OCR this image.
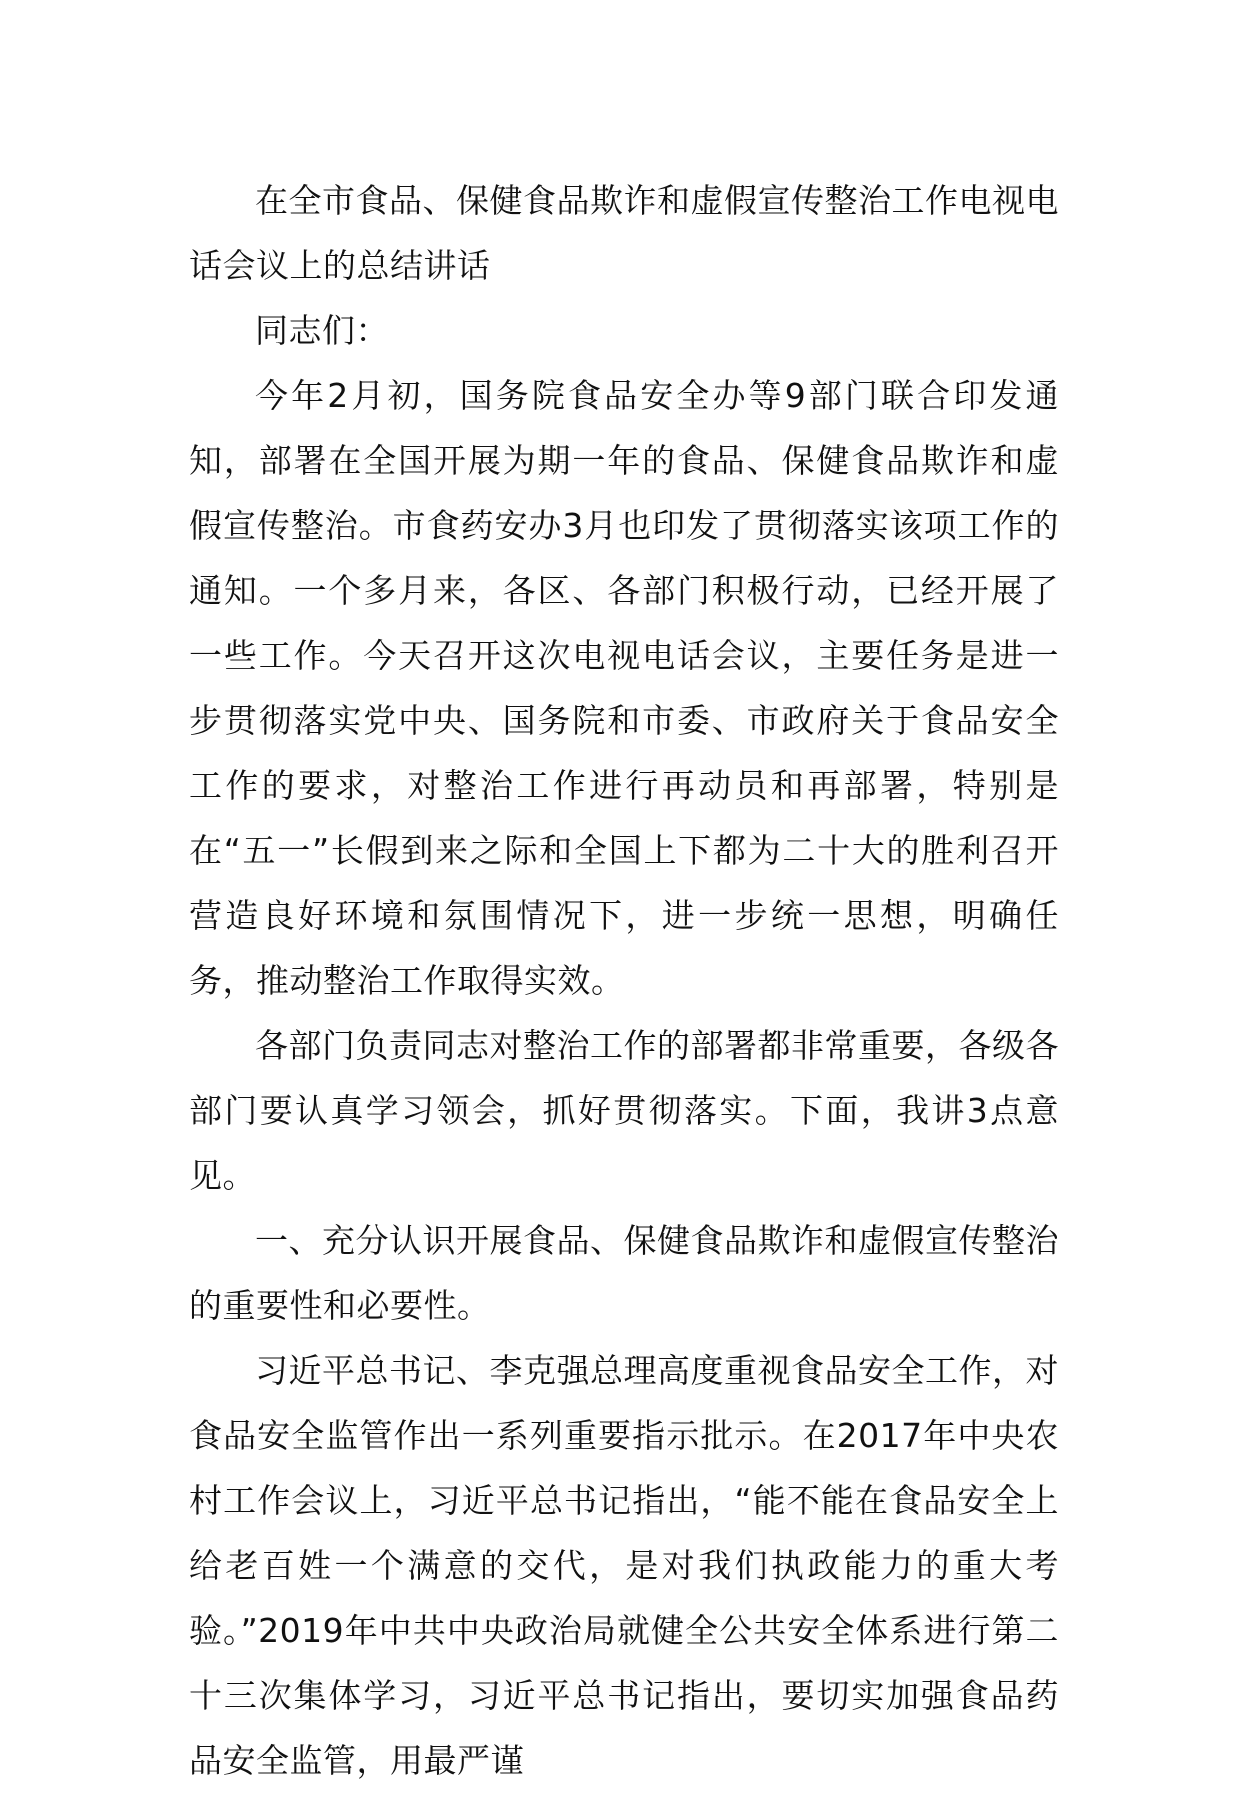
在全市食品、保健食品欺诈和虚假宣传整治工作电视电话会议上的总结讲话

同志们：

今年2月初，国务院食品安全办等9部门联合印发通知，部署在全国开展为期一年的食品、保健食品欺诈和虚假宣传整治。市食药安办3月也印发了贯彻落实该项工作的通知。一个多月来，各区、各部门积极行动，已经开展了一些工作。今天召开这次电视电话会议，主要任务是进一步贯彻落实党中央、国务院和市委、市政府关于食品安全工作的要求，对整治工作进行再动员和再部署，特别是在“五一”长假到来之际和全国上下都为二十大的胜利召开营造良好环境和氛围情况下，进一步统一思想，明确任务，推动整治工作取得实效。

各部门负责同志对整治工作的部署都非常重要，各级各部门要认真学习领会，抓好贯彻落实。下面，我讲3点意见。

一、充分认识开展食品、保健食品欺诈和虚假宣传整治的重要性和必要性。

习近平总书记、李克强总理高度重视食品安全工作，对食品安全监管作出一系列重要指示批示。在2017年中央农村工作会议上，习近平总书记指出，“能不能在食品安全上给老百姓一个满意的交代，是对我们执政能力的重大考验。”2019年中共中央政治局就健全公共安全体系进行第二十三次集体学习，习近平总书记指出，要切实加强食品药品安全监管，用最严谨
